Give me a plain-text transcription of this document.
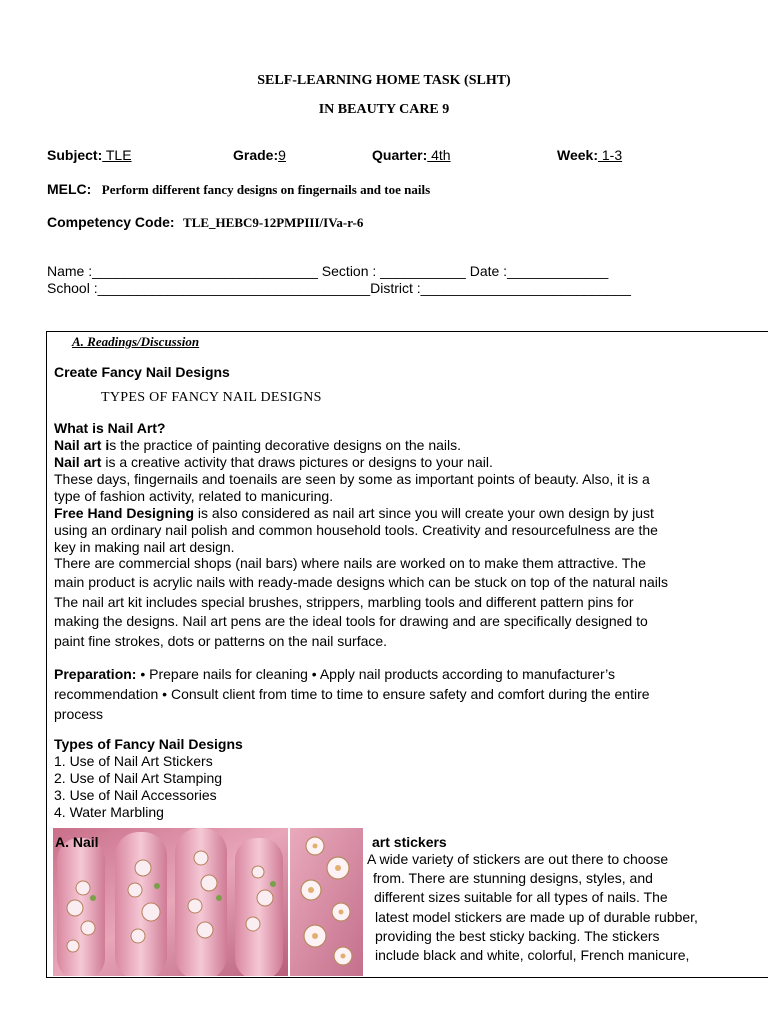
SELF-LEARNING HOME TASK (SLHT)
IN BEAUTY CARE 9
Subject: TLE	Grade:9	Quarter: 4th	Week: 1-3
MELC: Perform different fancy designs on fingernails and toe nails
Competency Code: TLE_HEBC9-12PMPIII/IVa-r-6
Name :_____________________________ Section : ___________ Date :_____________
School :___________________________________District :___________________________
A. Readings/Discussion
Create Fancy Nail Designs
TYPES OF FANCY NAIL DESIGNS
What is Nail Art?
Nail art is the practice of painting decorative designs on the nails.
Nail art is a creative activity that draws pictures or designs to your nail.
These days, fingernails and toenails are seen by some as important points of beauty. Also, it is a
type of fashion activity, related to manicuring.
Free Hand Designing is also considered as nail art since you will create your own design by just
using an ordinary nail polish and common household tools. Creativity and resourcefulness are the
key in making nail art design.
There are commercial shops (nail bars) where nails are worked on to make them attractive. The
main product is acrylic nails with ready-made designs which can be stuck on top of the natural nails
The nail art kit includes special brushes, strippers, marbling tools and different pattern pins for
making the designs. Nail art pens are the ideal tools for drawing and are specifically designed to
paint fine strokes, dots or patterns on the nail surface.
Preparation: • Prepare nails for cleaning • Apply nail products according to manufacturer’s
recommendation • Consult client from time to time to ensure safety and comfort during the entire
process
Types of Fancy Nail Designs
1. Use of Nail Art Stickers
2. Use of Nail Art Stamping
3. Use of Nail Accessories
4. Water Marbling
A. Nail	art stickers
A wide variety of stickers are out there to choose
from. There are stunning designs, styles, and
different sizes suitable for all types of nails. The
latest model stickers are made up of durable rubber,
providing the best sticky backing. The stickers
include black and white, colorful, French manicure,
